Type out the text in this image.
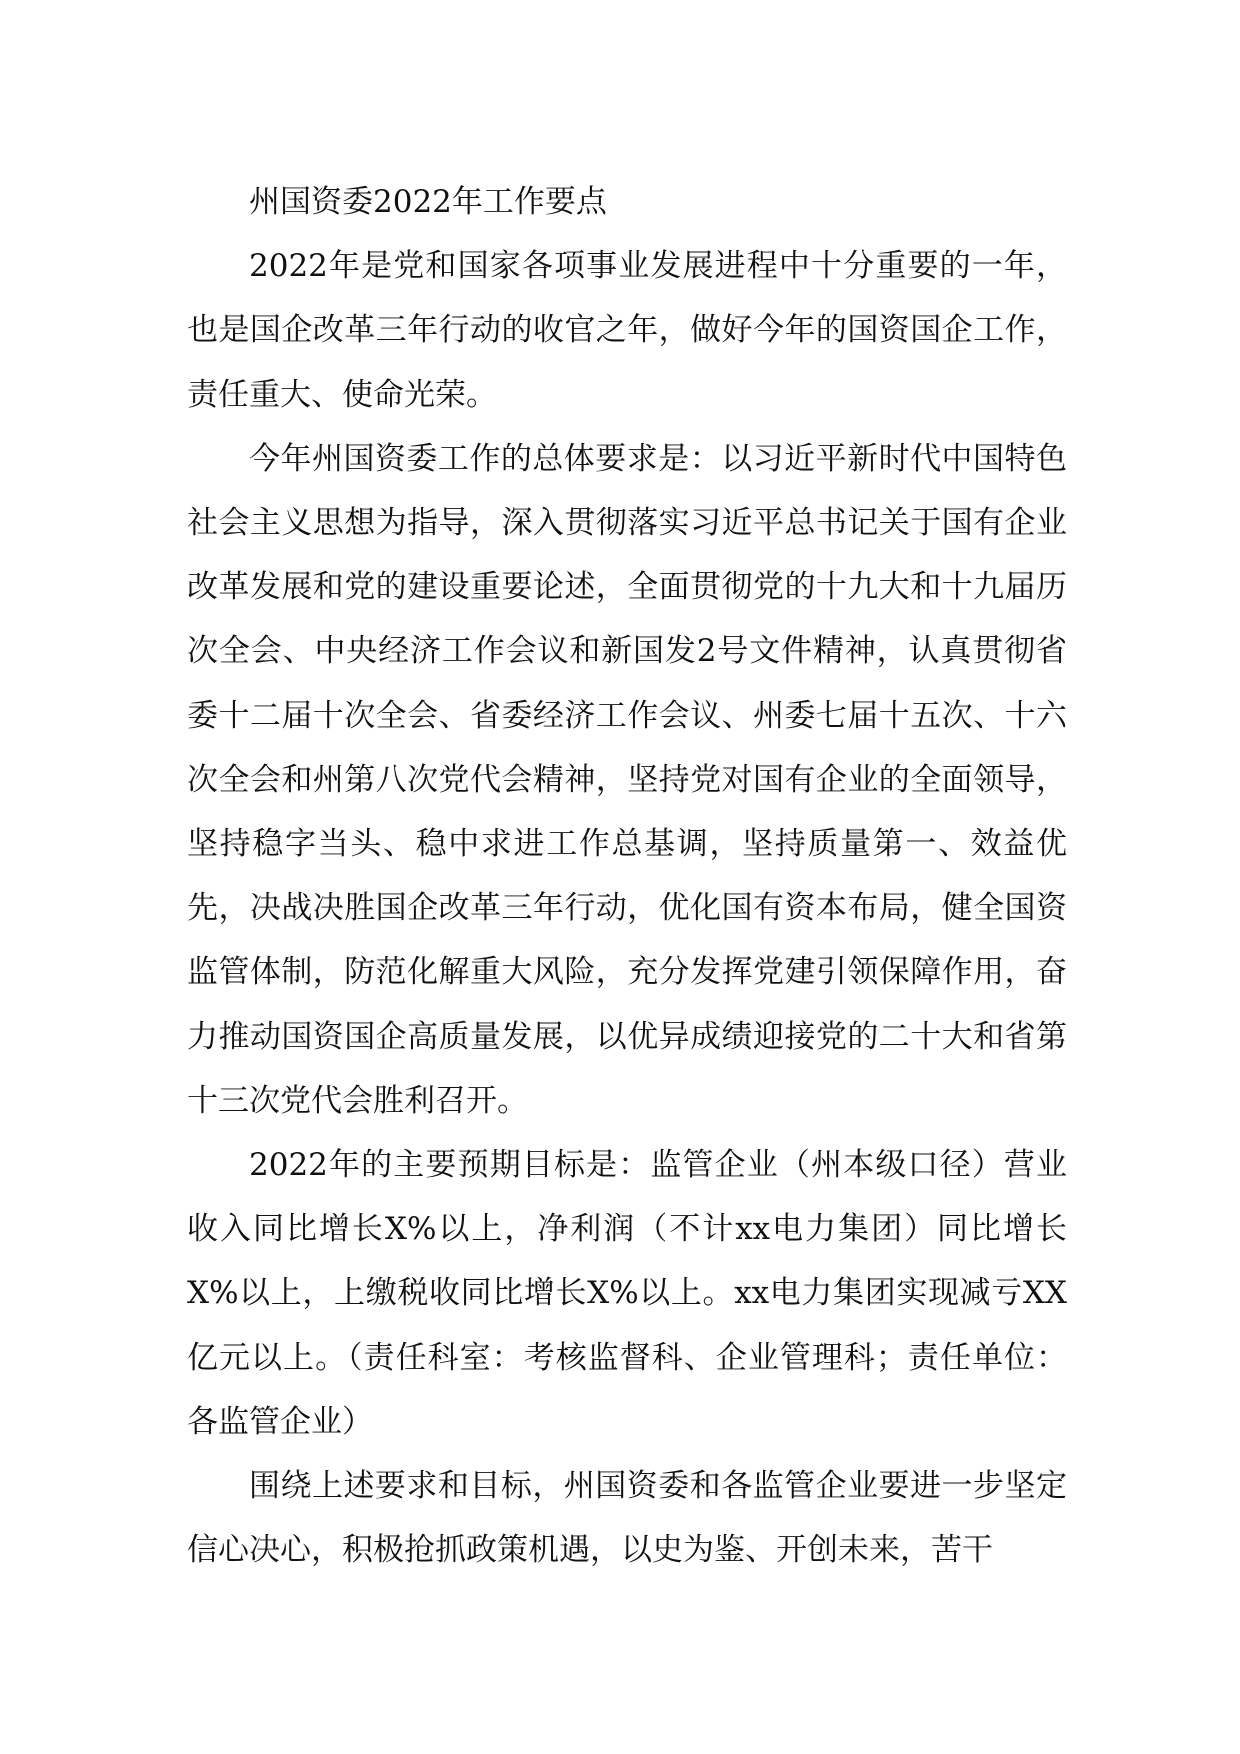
州国资委2022年工作要点

2022年是党和国家各项事业发展进程中十分重要的一年，也是国企改革三年行动的收官之年，做好今年的国资国企工作，责任重大、使命光荣。

今年州国资委工作的总体要求是：以习近平新时代中国特色社会主义思想为指导，深入贯彻落实习近平总书记关于国有企业改革发展和党的建设重要论述，全面贯彻党的十九大和十九届历次全会、中央经济工作会议和新国发2号文件精神，认真贯彻省委十二届十次全会、省委经济工作会议、州委七届十五次、十六次全会和州第八次党代会精神，坚持党对国有企业的全面领导，坚持稳字当头、稳中求进工作总基调，坚持质量第一、效益优先，决战决胜国企改革三年行动，优化国有资本布局，健全国资监管体制，防范化解重大风险，充分发挥党建引领保障作用，奋力推动国资国企高质量发展，以优异成绩迎接党的二十大和省第十三次党代会胜利召开。

2022年的主要预期目标是：监管企业（州本级口径）营业收入同比增长X%以上，净利润（不计xx电力集团）同比增长X%以上，上缴税收同比增长X%以上。xx电力集团实现减亏XX亿元以上。（责任科室：考核监督科、企业管理科；责任单位：各监管企业）

围绕上述要求和目标，州国资委和各监管企业要进一步坚定信心决心，积极抢抓政策机遇，以史为鉴、开创未来，苦干
